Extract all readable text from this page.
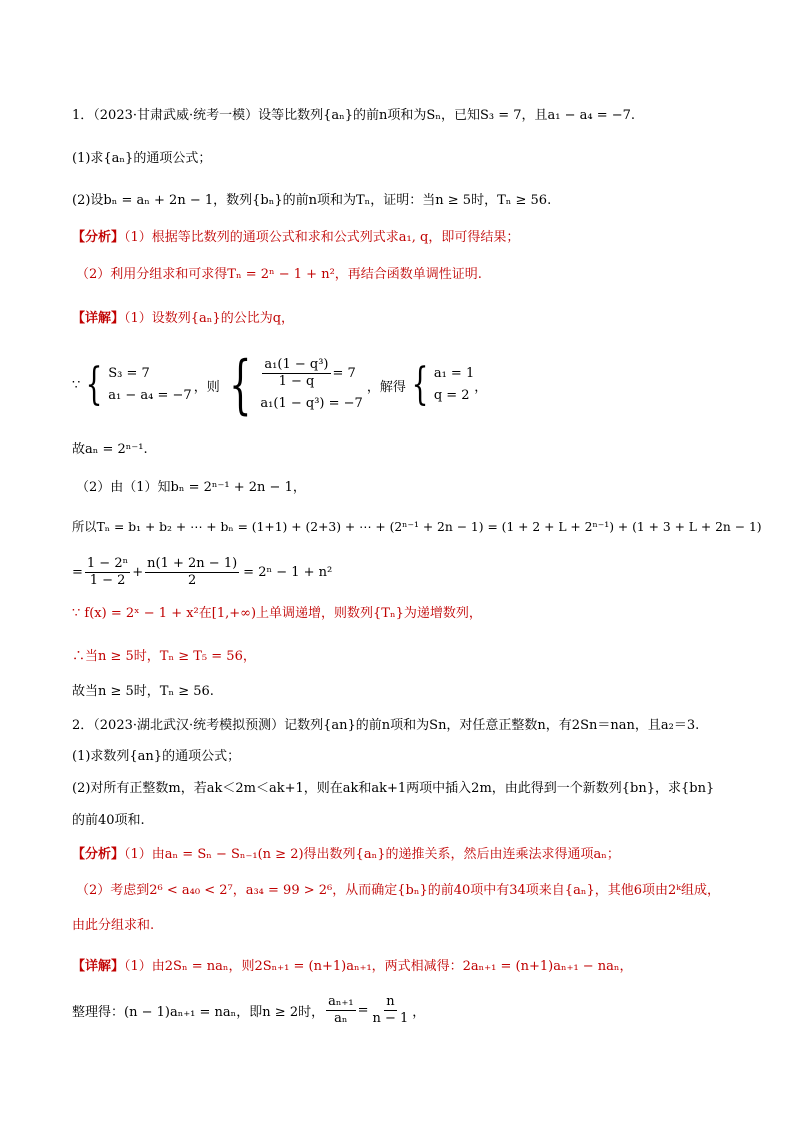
1．（2023·甘肃武威·统考一模）设等比数列{aₙ}的前n项和为Sₙ，已知S₃ = 7，且a₁ − a₄ = −7.
(1)求{aₙ}的通项公式；
(2)设bₙ = aₙ + 2n − 1，数列{bₙ}的前n项和为Tₙ，证明：当n ≥ 5时，Tₙ ≥ 56.
【分析】（1）根据等比数列的通项公式和求和公式列式求a₁, q，即可得结果；
（2）利用分组求和可求得Tₙ = 2ⁿ − 1 + n²，再结合函数单调性证明.
【详解】（1）设数列{aₙ}的公比为q，
∵ { S₃ = 7
a₁ − a₄ = −7
，则 { $\frac{\text{a₁(1 − q³)}}{1 - q} = 7$
a₁(1 − q³) = −7
，解得 { a₁ = 1
q = 2
，
故aₙ = 2ⁿ⁻¹.
（2）由（1）知bₙ = 2ⁿ⁻¹ + 2n − 1，
所以Tₙ = b₁ + b₂ + ⋯ + bₙ = (1+1) + (2+3) + ⋯ + (2ⁿ⁻¹ + 2n − 1) = (1 + 2 + L + 2ⁿ⁻¹) + (1 + 3 + L + 2n − 1)
= $\frac{\text{1 − 2ⁿ}}{1 - 2} + \frac{n(1 + 2n - 1)}{2} = 2^n - 1 + n^2$
∵ f(x) = 2ˣ − 1 + x²在[1,+∞)上单调递增，则数列{Tₙ}为递增数列，
∴当n ≥ 5时，Tₙ ≥ T₅ = 56，
故当n ≥ 5时，Tₙ ≥ 56.
2．（2023·湖北武汉·统考模拟预测）记数列{an}的前n项和为Sn，对任意正整数n，有2Sn＝nan，且a₂＝3.
(1)求数列{an}的通项公式；
(2)对所有正整数m，若ak＜2m＜ak+1，则在ak和ak+1两项中插入2m，由此得到一个新数列{bn}，求{bn}
的前40项和.
【分析】（1）由aₙ = Sₙ − Sₙ₋₁(n ≥ 2)得出数列{aₙ}的递推关系，然后由连乘法求得通项aₙ；
（2）考虑到2⁶ < a₄₀ < 2⁷，a₃₄ = 99 > 2⁶，从而确定{bₙ}的前40项中有34项来自{aₙ}，其他6项由2ᵏ组成，
由此分组求和.
【详解】（1）由2Sₙ = naₙ，则2Sₙ₊₁ = (n+1)aₙ₊₁，两式相减得：2aₙ₊₁ = (n+1)aₙ₊₁ − naₙ，
整理得：(n − 1)aₙ₊₁ = naₙ，即n ≥ 2时， $\frac{\text{aₙ₊₁}}{\text{aₙ}} = \frac{n}{n - 1}$ ，
